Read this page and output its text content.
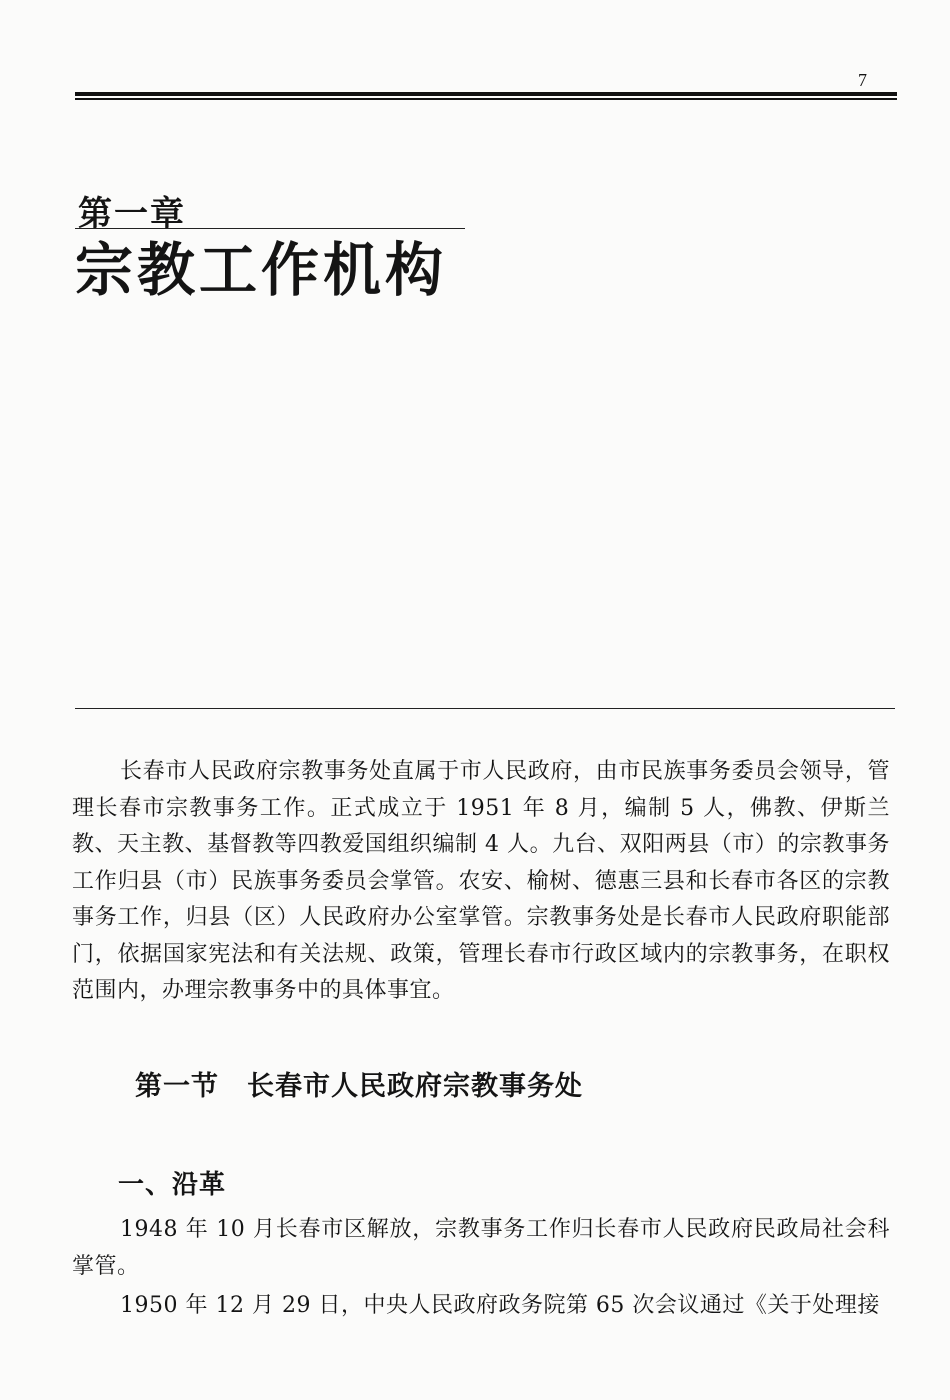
7
第一章
宗教工作机构

长春市人民政府宗教事务处直属于市人民政府，由市民族事务委员会领导，管理长春市宗教事务工作。正式成立于 1951 年 8 月，编制 5 人，佛教、伊斯兰教、天主教、基督教等四教爱国组织编制 4 人。九台、双阳两县（市）的宗教事务工作归县（市）民族事务委员会掌管。农安、榆树、德惠三县和长春市各区的宗教事务工作，归县（区）人民政府办公室掌管。宗教事务处是长春市人民政府职能部门，依据国家宪法和有关法规、政策，管理长春市行政区域内的宗教事务，在职权范围内，办理宗教事务中的具体事宜。

第一节　长春市人民政府宗教事务处
一、沿革

1948 年 10 月长春市区解放，宗教事务工作归长春市人民政府民政局社会科掌管。

1950 年 12 月 29 日，中央人民政府政务院第 65 次会议通过《关于处理接
